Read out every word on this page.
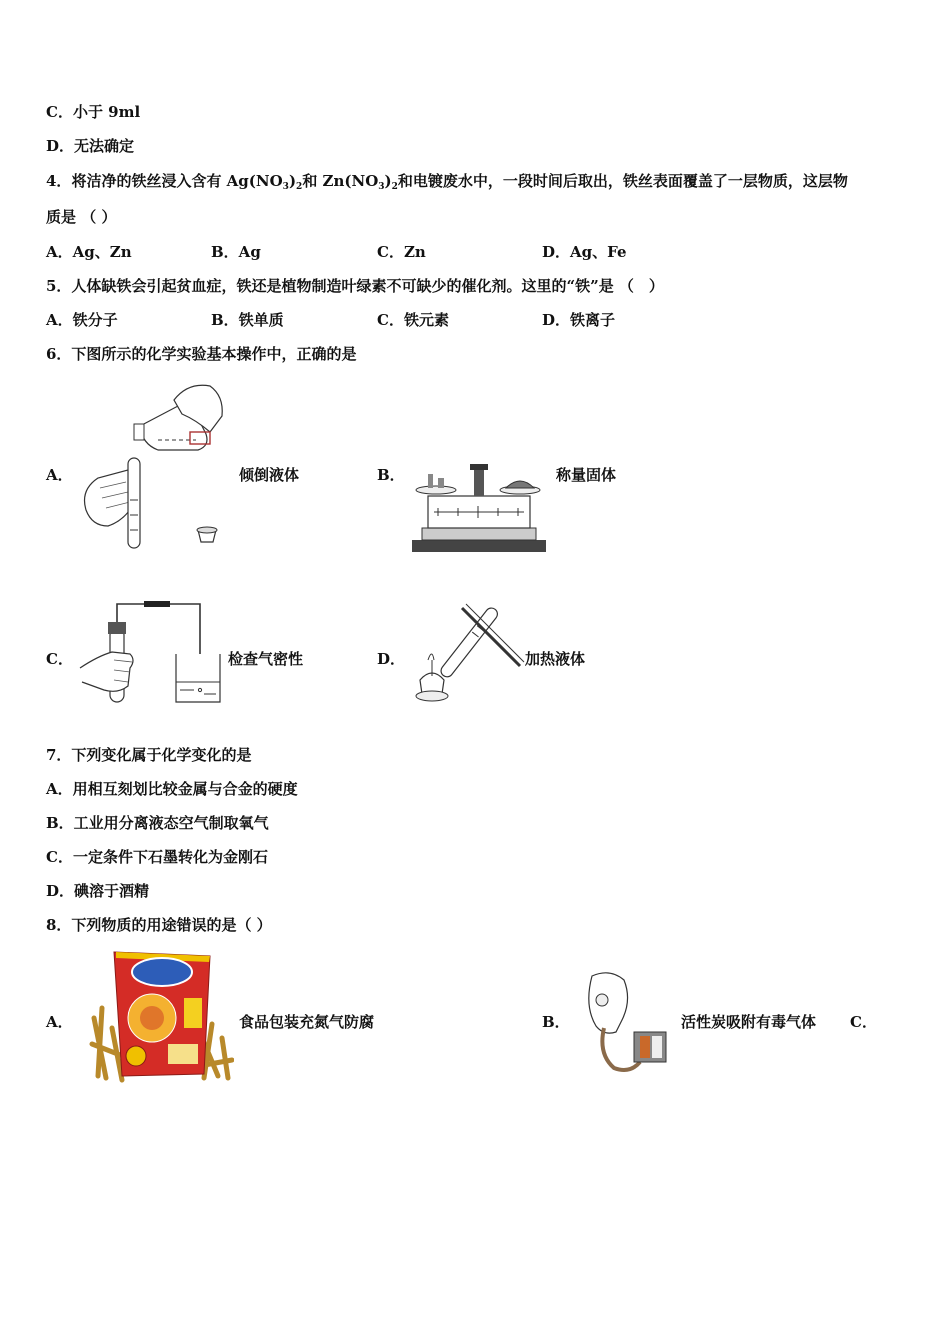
C．小于 9ml
D．无法确定
4．将洁净的铁丝浸入含有 $Ag(NO_3)_2$和 $Zn(NO_3)_2$和电镀废水中，一段时间后取出，铁丝表面覆盖了一层物质，这层物
质是 （ ）
A．Ag、Zn	B．Ag	C．Zn	D．Ag、Fe
5．人体缺铁会引起贫血症，铁还是植物制造叶绿素不可缺少的催化剂。这里的“铁”是 （　）
A．铁分子	B．铁单质	C．铁元素	D．铁离子
6．下图所示的化学实验基本操作中，正确的是
A．	倾倒液体	B．	称量固体
C．	检查气密性	D．	加热液体
7．下列变化属于化学变化的是
A．用相互刻划比较金属与合金的硬度
B．工业用分离液态空气制取氧气
C．一定条件下石墨转化为金刚石
D．碘溶于酒精
8．下列物质的用途错误的是（ ）
A．	食品包装充氮气防腐	B．	活性炭吸附有毒气体 C．
